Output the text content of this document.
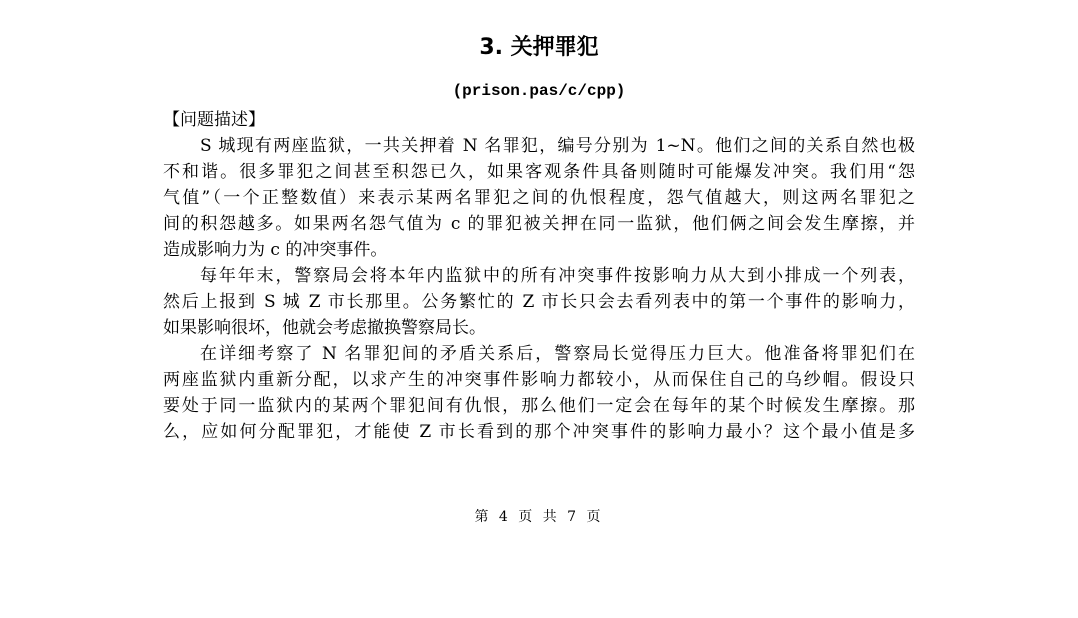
3. 关押罪犯
(prison.pas/c/cpp)
【问题描述】
S 城现有两座监狱，一共关押着 N 名罪犯，编号分别为 1~N。他们之间的关系自然也极
不和谐。很多罪犯之间甚至积怨已久，如果客观条件具备则随时可能爆发冲突。我们用“怨
气值”（一个正整数值）来表示某两名罪犯之间的仇恨程度，怨气值越大，则这两名罪犯之
间的积怨越多。如果两名怨气值为 c 的罪犯被关押在同一监狱，他们俩之间会发生摩擦，并
造成影响力为 c 的冲突事件。
每年年末，警察局会将本年内监狱中的所有冲突事件按影响力从大到小排成一个列表，
然后上报到 S 城 Z 市长那里。公务繁忙的 Z 市长只会去看列表中的第一个事件的影响力，
如果影响很坏，他就会考虑撤换警察局长。
在详细考察了 N 名罪犯间的矛盾关系后，警察局长觉得压力巨大。他准备将罪犯们在
两座监狱内重新分配，以求产生的冲突事件影响力都较小，从而保住自己的乌纱帽。假设只
要处于同一监狱内的某两个罪犯间有仇恨，那么他们一定会在每年的某个时候发生摩擦。那
么，应如何分配罪犯，才能使 Z 市长看到的那个冲突事件的影响力最小？这个最小值是多
第 4 页 共 7 页
